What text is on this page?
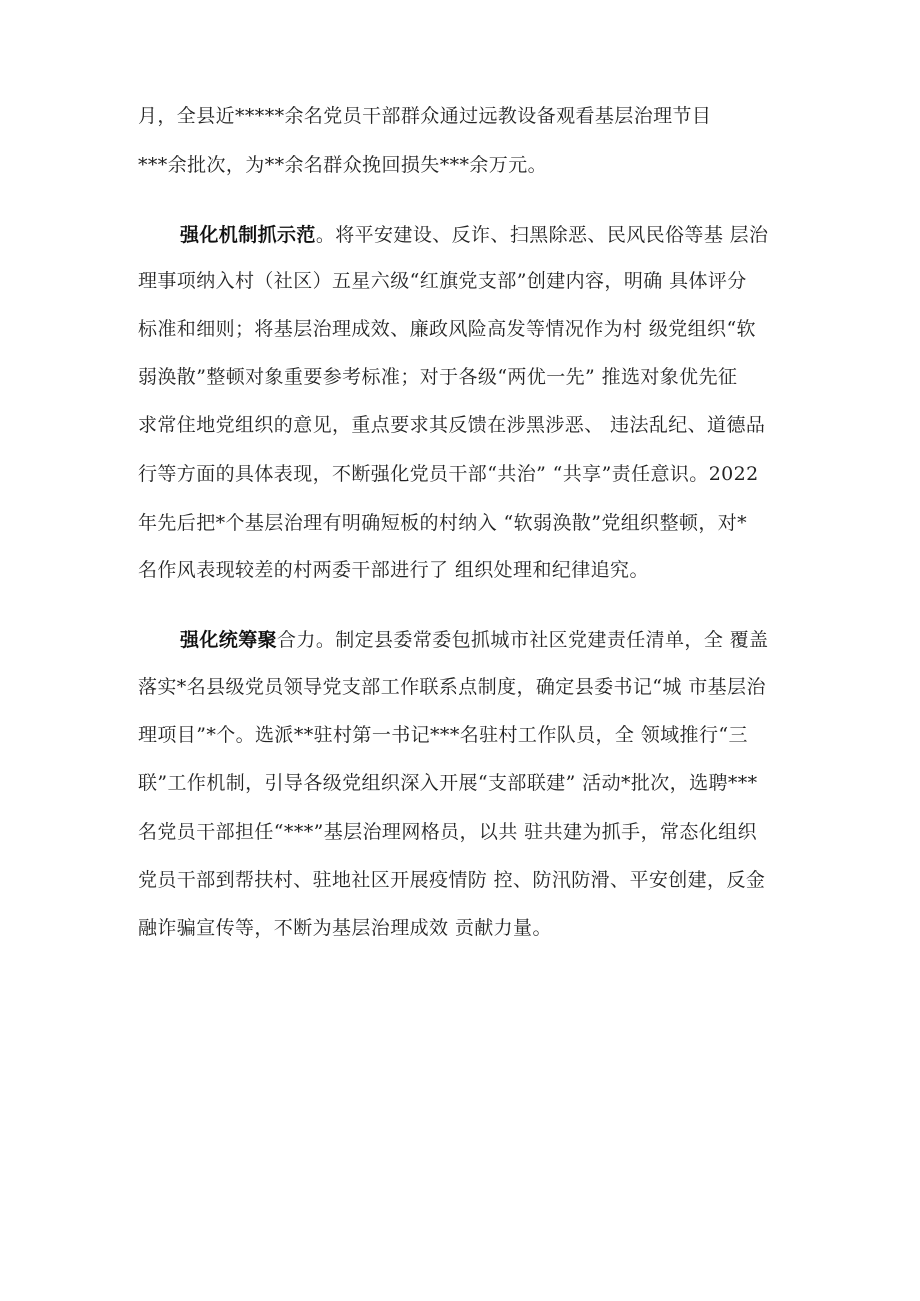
月，全县近*****余名党员干部群众通过远教设备观看基层治理节目
***余批次，为**余名群众挽回损失***余万元。
强化机制抓示范。将平安建设、反诈、扫黑除恶、民风民俗等基 层治
理事项纳入村（社区）五星六级“红旗党支部”创建内容，明确 具体评分
标准和细则；将基层治理成效、廉政风险高发等情况作为村 级党组织“软
弱涣散”整顿对象重要参考标准；对于各级“两优一先” 推选对象优先征
求常住地党组织的意见，重点要求其反馈在涉黑涉恶、 违法乱纪、道德品
行等方面的具体表现，不断强化党员干部“共治” “共享”责任意识。2022
年先后把*个基层治理有明确短板的村纳入 “软弱涣散”党组织整顿，对*
名作风表现较差的村两委干部进行了 组织处理和纪律追究。
强化统筹聚合力。制定县委常委包抓城市社区党建责任清单，全 覆盖
落实*名县级党员领导党支部工作联系点制度，确定县委书记“城 市基层治
理项目”*个。选派**驻村第一书记***名驻村工作队员，全 领域推行“三
联”工作机制，引导各级党组织深入开展“支部联建” 活动*批次，选聘***
名党员干部担任“***”基层治理网格员，以共 驻共建为抓手，常态化组织
党员干部到帮扶村、驻地社区开展疫情防 控、防汛防滑、平安创建，反金
融诈骗宣传等，不断为基层治理成效 贡献力量。
